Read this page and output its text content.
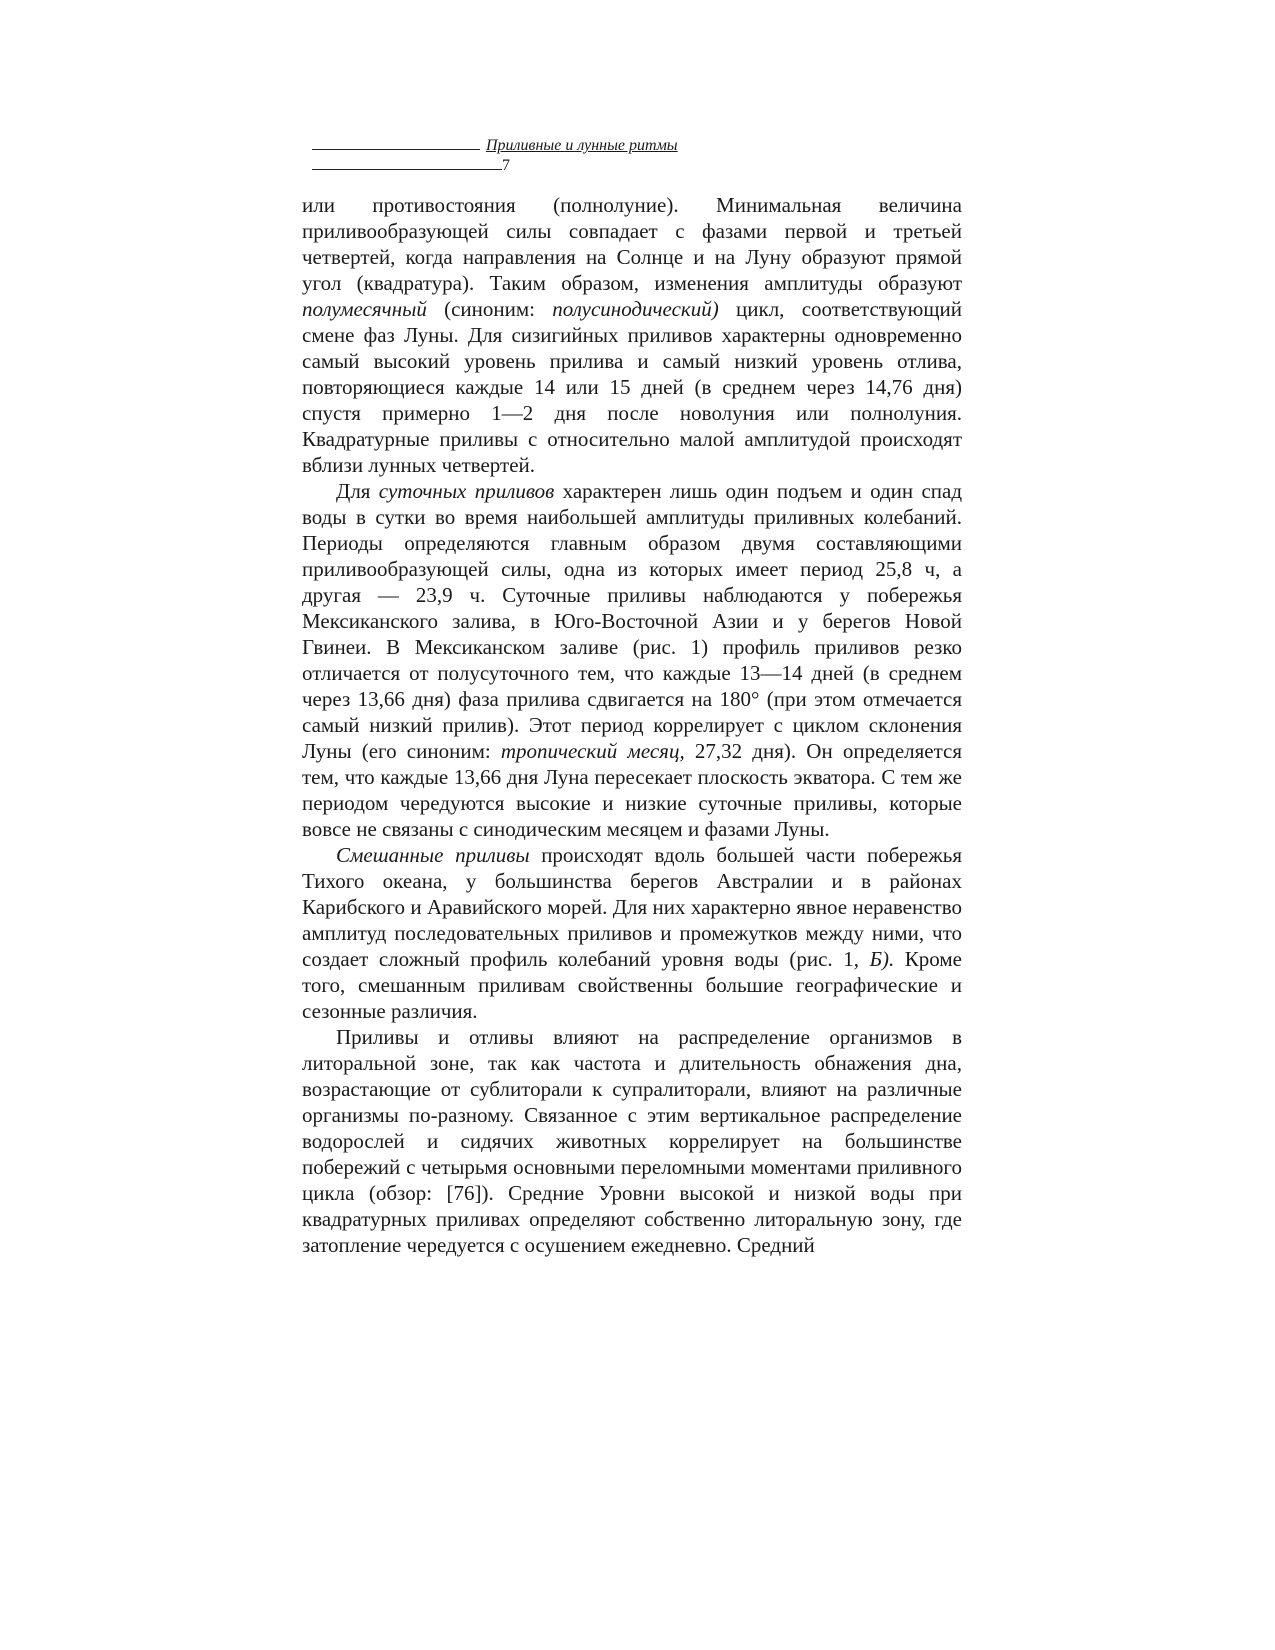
Приливные и лунные ритмы
7

или противостояния (полнолуние). Минимальная величина приливообразующей силы совпадает с фазами первой и третьей четвертей, когда направления на Солнце и на Луну образуют прямой угол (квадратура). Таким образом, изменения амплитуды образуют полумесячный (синоним: полусинодический) цикл, соответствующий смене фаз Луны. Для сизигийных приливов характерны одновременно самый высокий уровень прилива и самый низкий уровень отлива, повторяющиеся каждые 14 или 15 дней (в среднем через 14,76 дня) спустя примерно 1—2 дня после новолуния или полнолуния. Квадратурные приливы с относительно малой амплитудой происходят вблизи лунных четвертей.

Для суточных приливов характерен лишь один подъем и один спад воды в сутки во время наибольшей амплитуды приливных колебаний. Периоды определяются главным образом двумя составляющими приливообразующей силы, одна из которых имеет период 25,8 ч, а другая — 23,9 ч. Суточные приливы наблюдаются у побережья Мексиканского залива, в Юго-Восточной Азии и у берегов Новой Гвинеи. В Мексиканском заливе (рис. 1) профиль приливов резко отличается от полусуточного тем, что каждые 13—14 дней (в среднем через 13,66 дня) фаза прилива сдвигается на 180° (при этом отмечается самый низкий прилив). Этот период коррелирует с циклом склонения Луны (его синоним: тропический месяц, 27,32 дня). Он определяется тем, что каждые 13,66 дня Луна пересекает плоскость экватора. С тем же периодом чередуются высокие и низкие суточные приливы, которые вовсе не связаны с синодическим месяцем и фазами Луны.

Смешанные приливы происходят вдоль большей части побережья Тихого океана, у большинства берегов Австралии и в районах Карибского и Аравийского морей. Для них характерно явное неравенство амплитуд последовательных приливов и промежутков между ними, что создает сложный профиль колебаний уровня воды (рис. 1, Б). Кроме того, смешанным приливам свойственны большие географические и сезонные различия.

Приливы и отливы влияют на распределение организмов в литоральной зоне, так как частота и длительность обнажения дна, возрастающие от сублиторали к супралиторали, влияют на различные организмы по-разному. Связанное с этим вертикальное распределение водорослей и сидячих животных коррелирует на большинстве побережий с четырьмя основными переломными моментами приливного цикла (обзор: [76]). Средние Уровни высокой и низкой воды при квадратурных приливах определяют собственно литоральную зону, где затопление чередуется с осушением ежедневно. Средний
